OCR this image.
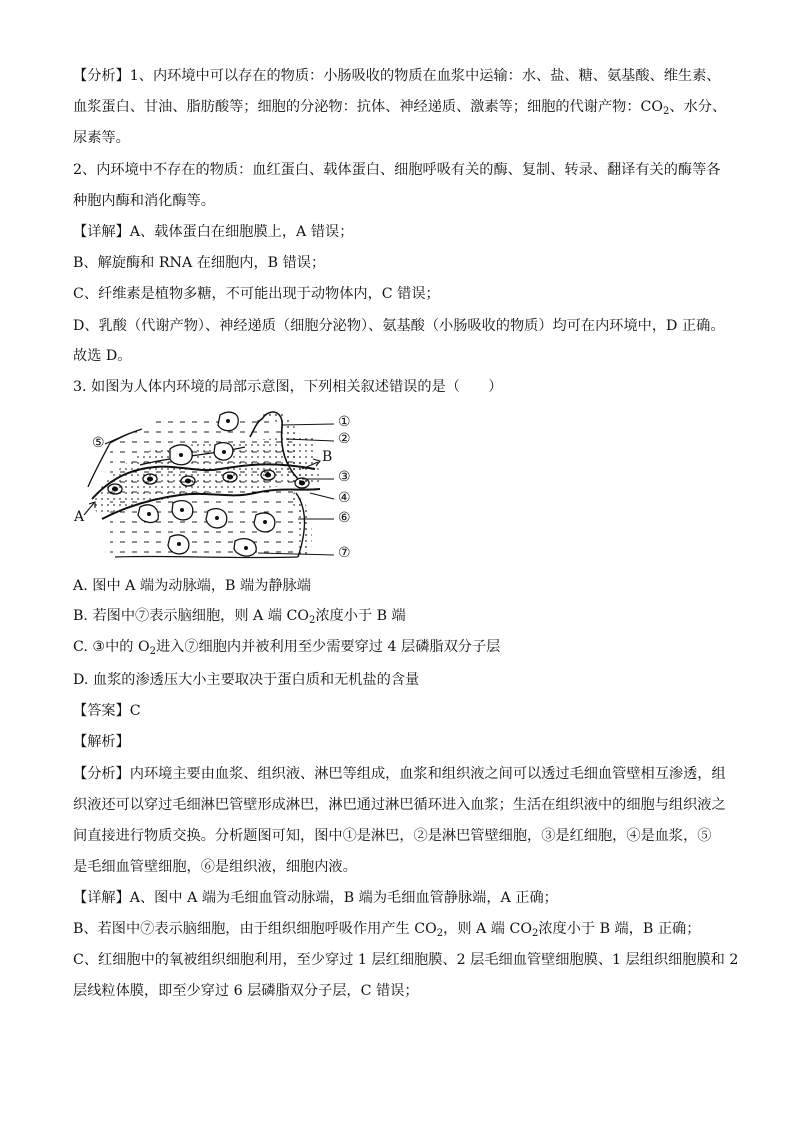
【分析】1、内环境中可以存在的物质：小肠吸收的物质在血浆中运输：水、盐、糖、氨基酸、维生素、
血浆蛋白、甘油、脂肪酸等；细胞的分泌物：抗体、神经递质、激素等；细胞的代谢产物：$CO_2$、水分、
尿素等。
2、内环境中不存在的物质：血红蛋白、载体蛋白、细胞呼吸有关的酶、复制、转录、翻译有关的酶等各
种胞内酶和消化酶等。
【详解】A、载体蛋白在细胞膜上，A 错误；
B、解旋酶和 RNA 在细胞内，B 错误；
C、纤维素是植物多糖，不可能出现于动物体内，C 错误；
D、乳酸（代谢产物）、神经递质（细胞分泌物）、氨基酸（小肠吸收的物质）均可在内环境中，D 正确。
故选 D。
3. 如图为人体内环境的局部示意图，下列相关叙述错误的是（　　）
①
②
B
③
④
⑥
⑦
⑤
A
A. 图中 A 端为动脉端，B 端为静脉端
B. 若图中⑦表示脑细胞，则 A 端 $CO_2$浓度小于 B 端
C. ③中的 $O_2$进入⑦细胞内并被利用至少需要穿过 4 层磷脂双分子层
D. 血浆的渗透压大小主要取决于蛋白质和无机盐的含量
【答案】C
【解析】
【分析】内环境主要由血浆、组织液、淋巴等组成，血浆和组织液之间可以透过毛细血管壁相互渗透，组
织液还可以穿过毛细淋巴管壁形成淋巴，淋巴通过淋巴循环进入血浆；生活在组织液中的细胞与组织液之
间直接进行物质交换。分析题图可知，图中①是淋巴，②是淋巴管壁细胞，③是红细胞，④是血浆，⑤
是毛细血管壁细胞，⑥是组织液，细胞内液。
【详解】A、图中 A 端为毛细血管动脉端，B 端为毛细血管静脉端，A 正确；
B、若图中⑦表示脑细胞，由于组织细胞呼吸作用产生 $CO_2$，则 A 端 $CO_2$浓度小于 B 端，B 正确；
C、红细胞中的氧被组织细胞利用，至少穿过 1 层红细胞膜、2 层毛细血管壁细胞膜、1 层组织细胞膜和 2
层线粒体膜，即至少穿过 6 层磷脂双分子层，C 错误；
